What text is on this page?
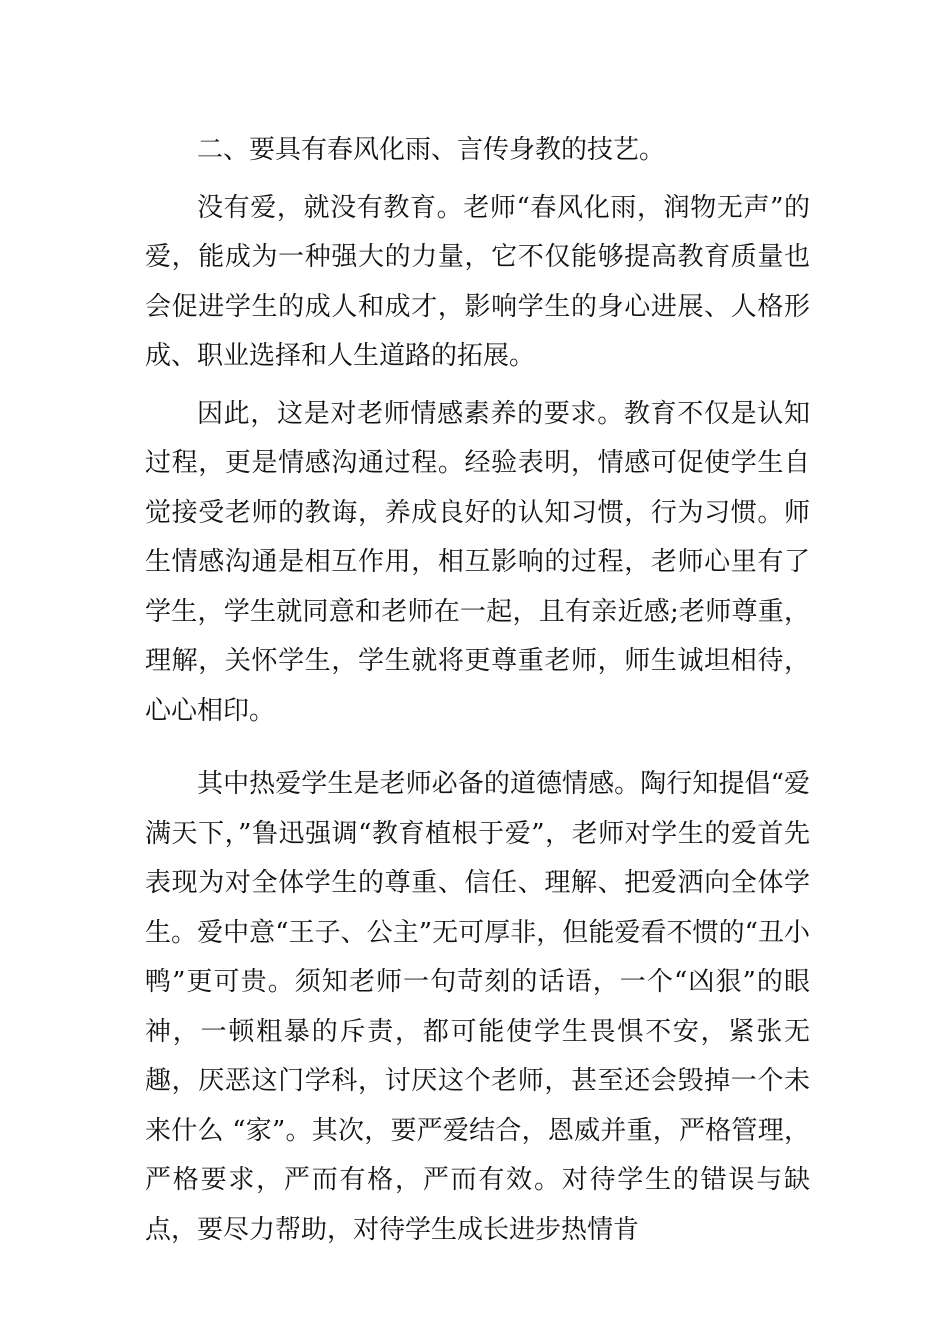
二、要具有春风化雨、言传身教的技艺。

没有爱，就没有教育。老师“春风化雨，润物无声”的爱，能成为一种强大的力量，它不仅能够提高教育质量也会促进学生的成人和成才，影响学生的身心进展、人格形成、职业选择和人生道路的拓展。

因此，这是对老师情感素养的要求。教育不仅是认知过程，更是情感沟通过程。经验表明，情感可促使学生自觉接受老师的教诲，养成良好的认知习惯，行为习惯。师生情感沟通是相互作用，相互影响的过程，老师心里有了学生，学生就同意和老师在一起，且有亲近感;老师尊重，理解，关怀学生，学生就将更尊重老师，师生诚坦相待，心心相印。

其中热爱学生是老师必备的道德情感。陶行知提倡“爱满天下，”鲁迅强调“教育植根于爱”，老师对学生的爱首先表现为对全体学生的尊重、信任、理解、把爱洒向全体学生。爱中意“王子、公主”无可厚非，但能爱看不惯的“丑小鸭”更可贵。须知老师一句苛刻的话语，一个“凶狠”的眼神，一顿粗暴的斥责，都可能使学生畏惧不安，紧张无趣，厌恶这门学科，讨厌这个老师，甚至还会毁掉一个未来什么 “家”。其次，要严爱结合，恩威并重，严格管理，严格要求，严而有格，严而有效。对待学生的错误与缺点，要尽力帮助，对待学生成长进步热情肯
